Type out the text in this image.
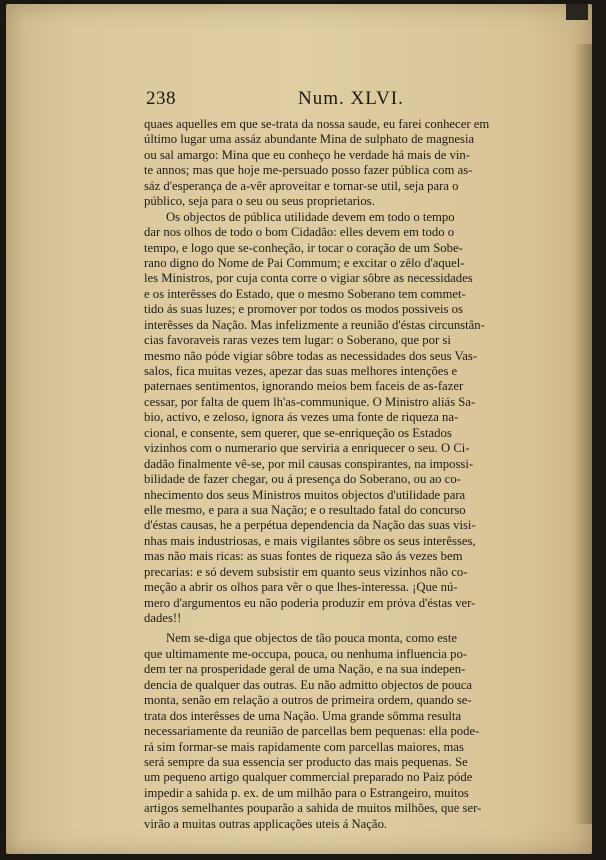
238	Num. XLVI.
quaes aquelles em que se-trata da nossa saude, eu farei conhecer em
último lugar uma assáz abundante Mina de sulphato de magnesia
ou sal amargo: Mina que eu conheço he verdade há mais de vin-
te annos; mas que hoje me-persuado posso fazer pública com as-
sáz d'esperança de a-vêr aproveitar e tornar-se util, seja para o
público, seja para o seu ou seus proprietarios.
Os objectos de pública utilidade devem em todo o tempo
dar nos olhos de todo o bom Cidadão: elles devem em todo o
tempo, e logo que se-conheção, ir tocar o coração de um Sobe-
rano digno do Nome de Pai Commum; e excitar o zêlo d'aquel-
les Ministros, por cuja conta corre o vigiar sôbre as necessidades
e os interêsses do Estado, que o mesmo Soberano tem commet-
tido ás suas luzes; e promover por todos os modos possiveis os
interêsses da Nação. Mas infelizmente a reunião d'éstas circunstân-
cias favoraveis raras vezes tem lugar: o Soberano, que por si
mesmo não póde vigiar sôbre todas as necessidades dos seus Vas-
salos, fica muitas vezes, apezar das suas melhores intenções e
paternaes sentimentos, ignorando meios bem faceis de as-fazer
cessar, por falta de quem lh'as-communique. O Ministro aliás Sa-
bio, activo, e zeloso, ignora ás vezes uma fonte de riqueza na-
cional, e consente, sem querer, que se-enriqueção os Estados
vizinhos com o numerario que serviria a enriquecer o seu. O Ci-
dadão finalmente vê-se, por mil causas conspirantes, na impossi-
bilidade de fazer chegar, ou á presença do Soberano, ou ao co-
nhecimento dos seus Ministros muitos objectos d'utilidade para
elle mesmo, e para a sua Nação; e o resultado fatal do concurso
d'éstas causas, he a perpétua dependencia da Nação das suas visi-
nhas mais industriosas, e mais vigilantes sôbre os seus interêsses,
mas não mais ricas: as suas fontes de riqueza são ás vezes bem
precarias: e só devem subsistir em quanto seus vizinhos não co-
meção a abrir os olhos para vêr o que lhes-interessa. ¡Que nú-
mero d'argumentos eu não poderia produzir em próva d'éstas ver-
dades!!
Nem se-diga que objectos de tão pouca monta, como este
que ultimamente me-occupa, pouca, ou nenhuma influencia po-
dem ter na prosperidade geral de uma Nação, e na sua indepen-
dencia de qualquer das outras. Eu não admitto objectos de pouca
monta, senão em relação a outros de primeira ordem, quando se-
trata dos interêsses de uma Nação. Uma grande sômma resulta
necessariamente da reunião de parcellas bem pequenas: ella pode-
rá sim formar-se mais rapidamente com parcellas maiores, mas
será sempre da sua essencia ser producto das mais pequenas. Se
um pequeno artigo qualquer commercial preparado no Paiz póde
impedir a sahida p. ex. de um milhão para o Estrangeiro, muitos
artigos semelhantes pouparão a sahida de muitos milhões, que ser-
virão a muitas outras applicações uteis á Nação.
